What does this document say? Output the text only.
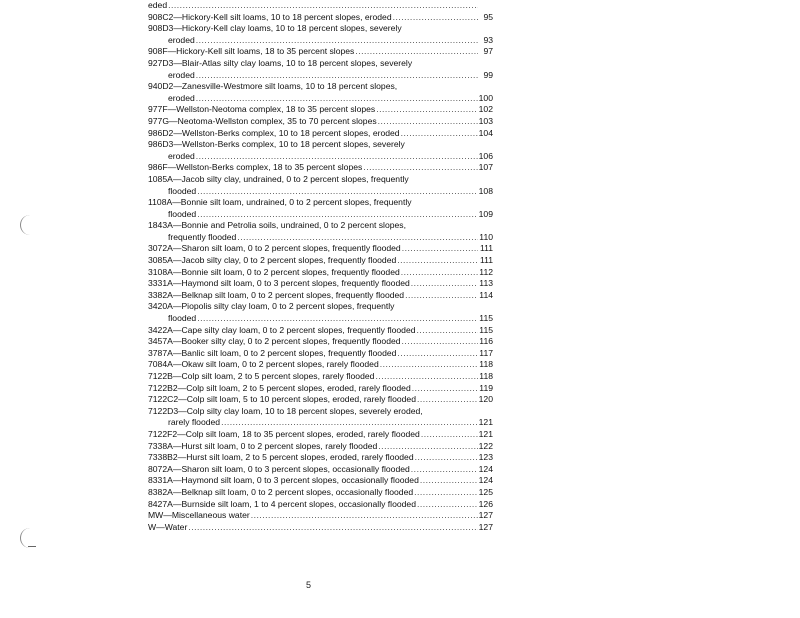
eded
.....
908C2—Hickory-Kell silt loams, 10 to 18 percent slopes, eroded .....	95
908D3—Hickory-Kell clay loams, 10 to 18 percent slopes, severely
eroded .....	93
908F—Hickory-Kell silt loams, 18 to 35 percent slopes .....	97
927D3—Blair-Atlas silty clay loams, 10 to 18 percent slopes, severely
eroded .....	99
940D2—Zanesville-Westmore silt loams, 10 to 18 percent slopes,
eroded .....	100
977F—Wellston-Neotoma complex, 18 to 35 percent slopes .....	102
977G—Neotoma-Wellston complex, 35 to 70 percent slopes .....	103
986D2—Wellston-Berks complex, 10 to 18 percent slopes, eroded .....	104
986D3—Wellston-Berks complex, 10 to 18 percent slopes, severely
eroded .....	106
986F—Wellston-Berks complex, 18 to 35 percent slopes .....	107
1085A—Jacob silty clay, undrained, 0 to 2 percent slopes, frequently
flooded .....	108
1108A—Bonnie silt loam, undrained, 0 to 2 percent slopes, frequently
flooded .....	109
1843A—Bonnie and Petrolia soils, undrained, 0 to 2 percent slopes,
frequently flooded .....	110
3072A—Sharon silt loam, 0 to 2 percent slopes, frequently flooded .....	111
3085A—Jacob silty clay, 0 to 2 percent slopes, frequently flooded .....	111
3108A—Bonnie silt loam, 0 to 2 percent slopes, frequently flooded .....	112
3331A—Haymond silt loam, 0 to 3 percent slopes, frequently flooded .....	113
3382A—Belknap silt loam, 0 to 2 percent slopes, frequently flooded .....	114
3420A—Piopolis silty clay loam, 0 to 2 percent slopes, frequently
flooded .....	115
3422A—Cape silty clay loam, 0 to 2 percent slopes, frequently flooded .....	115
3457A—Booker silty clay, 0 to 2 percent slopes, frequently flooded .....	116
3787A—Banlic silt loam, 0 to 2 percent slopes, frequently flooded .....	117
7084A—Okaw silt loam, 0 to 2 percent slopes, rarely flooded .....	118
7122B—Colp silt loam, 2 to 5 percent slopes, rarely flooded .....	118
7122B2—Colp silt loam, 2 to 5 percent slopes, eroded, rarely flooded .....	119
7122C2—Colp silt loam, 5 to 10 percent slopes, eroded, rarely flooded .....	120
7122D3—Colp silty clay loam, 10 to 18 percent slopes, severely eroded,
rarely flooded .....	121
7122F2—Colp silt loam, 18 to 35 percent slopes, eroded, rarely flooded .....	121
7338A—Hurst silt loam, 0 to 2 percent slopes, rarely flooded .....	122
7338B2—Hurst silt loam, 2 to 5 percent slopes, eroded, rarely flooded .....	123
8072A—Sharon silt loam, 0 to 3 percent slopes, occasionally flooded .....	124
8331A—Haymond silt loam, 0 to 3 percent slopes, occasionally flooded .....	124
8382A—Belknap silt loam, 0 to 2 percent slopes, occasionally flooded .....	125
8427A—Burnside silt loam, 1 to 4 percent slopes, occasionally flooded .....	126
MW—Miscellaneous water .....	127
W—Water .....	127
5
